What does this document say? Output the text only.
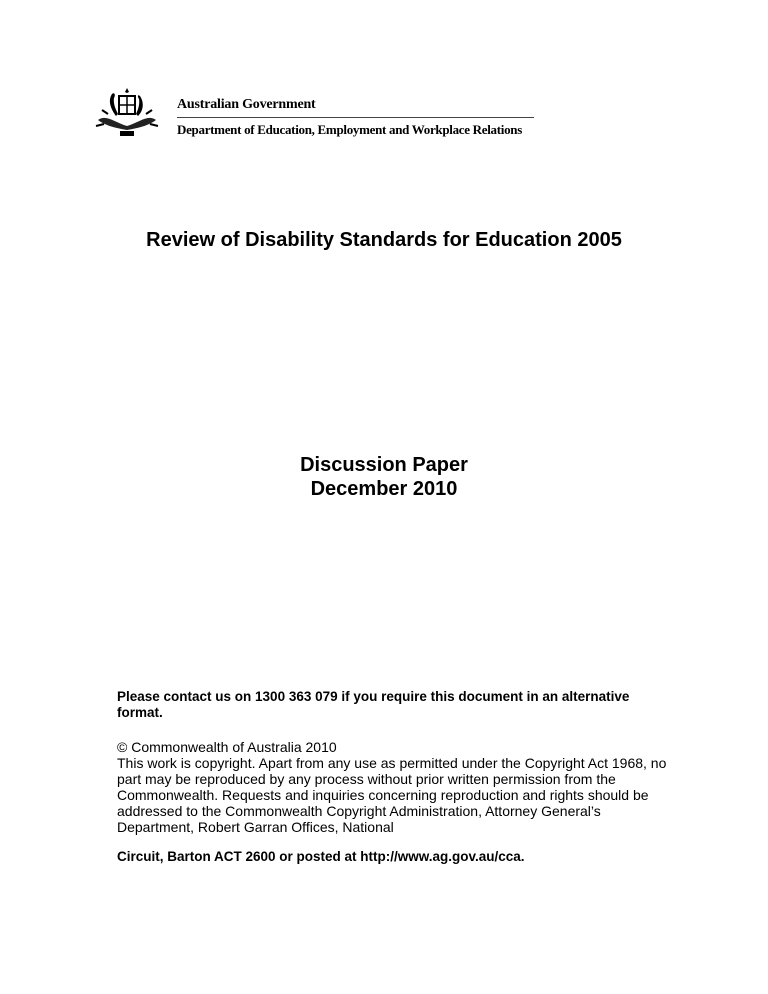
Australian Government
Department of Education, Employment and Workplace Relations
Review of Disability Standards for Education 2005
Discussion Paper
December 2010
Please contact us on 1300 363 079 if you require this document in an alternative format.
© Commonwealth of Australia 2010
This work is copyright. Apart from any use as permitted under the Copyright Act 1968, no part may be reproduced by any process without prior written permission from the Commonwealth. Requests and inquiries concerning reproduction and rights should be addressed to the Commonwealth Copyright Administration, Attorney General’s Department, Robert Garran Offices, National
Circuit, Barton ACT 2600 or posted at http://www.ag.gov.au/cca.
